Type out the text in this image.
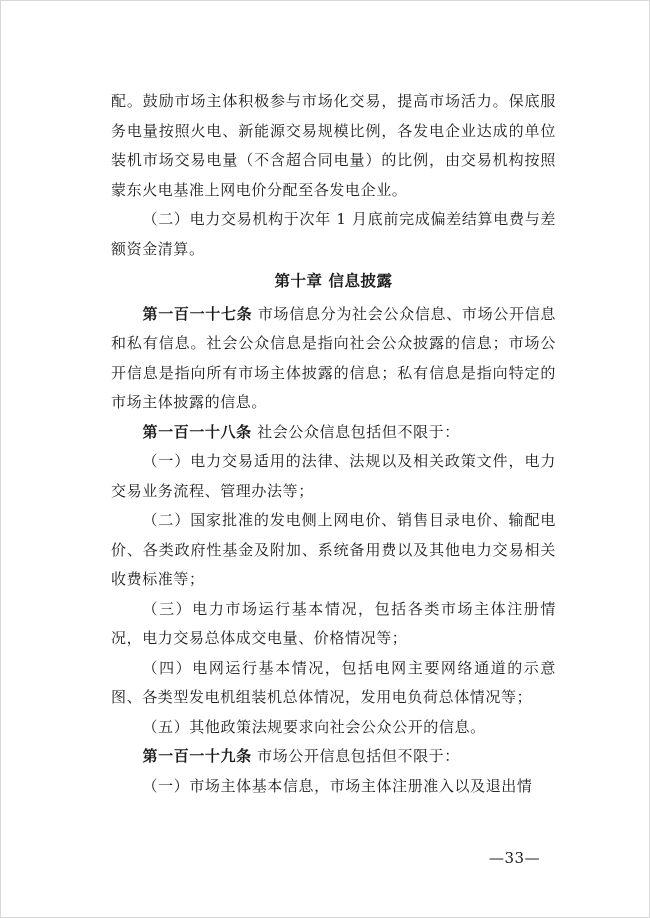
配。鼓励市场主体积极参与市场化交易，提高市场活力。保底服务电量按照火电、新能源交易规模比例，各发电企业达成的单位装机市场交易电量（不含超合同电量）的比例，由交易机构按照蒙东火电基准上网电价分配至各发电企业。

（二）电力交易机构于次年 1 月底前完成偏差结算电费与差额资金清算。

第十章 信息披露

第一百一十七条 市场信息分为社会公众信息、市场公开信息和私有信息。社会公众信息是指向社会公众披露的信息；市场公开信息是指向所有市场主体披露的信息；私有信息是指向特定的市场主体披露的信息。

第一百一十八条 社会公众信息包括但不限于：

（一）电力交易适用的法律、法规以及相关政策文件，电力交易业务流程、管理办法等；

（二）国家批准的发电侧上网电价、销售目录电价、输配电价、各类政府性基金及附加、系统备用费以及其他电力交易相关收费标准等；

（三）电力市场运行基本情况，包括各类市场主体注册情况，电力交易总体成交电量、价格情况等；

（四）电网运行基本情况，包括电网主要网络通道的示意图、各类型发电机组装机总体情况，发用电负荷总体情况等；

（五）其他政策法规要求向社会公众公开的信息。

第一百一十九条 市场公开信息包括但不限于：

（一）市场主体基本信息，市场主体注册准入以及退出情

—33—
